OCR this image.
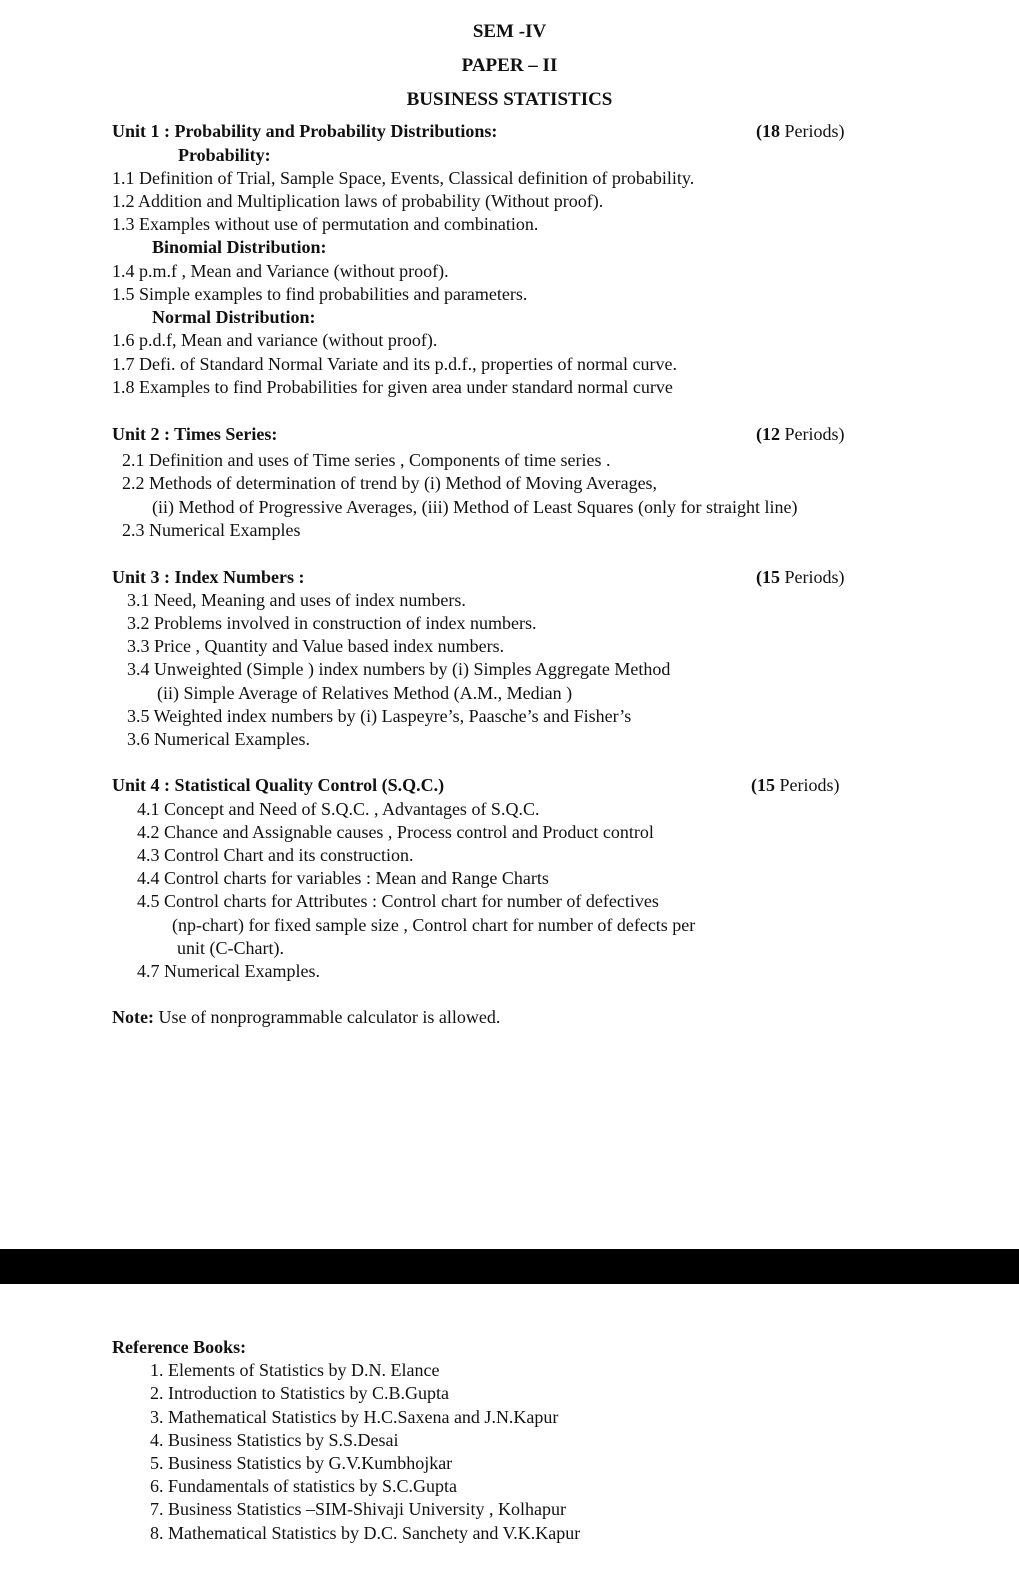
SEM -IV
PAPER – II
BUSINESS STATISTICS
Unit 1 : Probability and Probability Distributions:	(18 Periods)
Probability:
1.1 Definition of Trial, Sample Space, Events, Classical definition of probability.
1.2 Addition and Multiplication laws of probability (Without proof).
1.3 Examples without use of permutation and combination.
Binomial Distribution:
1.4 p.m.f , Mean and Variance (without proof).
1.5 Simple examples to find probabilities and parameters.
Normal Distribution:
1.6 p.d.f, Mean and variance (without proof).
1.7 Defi. of Standard Normal Variate and its p.d.f., properties of normal curve.
1.8 Examples to find Probabilities for given area under standard normal curve
Unit 2 : Times Series:	(12 Periods)
2.1 Definition and uses of Time series , Components of time series .
2.2 Methods of determination of trend by (i) Method of Moving Averages,
(ii) Method of Progressive Averages, (iii) Method of Least Squares (only for straight line)
2.3 Numerical Examples
Unit 3 : Index Numbers :	(15 Periods)
3.1 Need, Meaning and uses of index numbers.
3.2 Problems involved in construction of index numbers.
3.3 Price , Quantity and Value based index numbers.
3.4 Unweighted (Simple ) index numbers by (i) Simples Aggregate Method
(ii) Simple Average of Relatives Method (A.M., Median )
3.5 Weighted index numbers by (i) Laspeyre’s, Paasche’s and Fisher’s
3.6 Numerical Examples.
Unit 4 : Statistical Quality Control (S.Q.C.)	(15 Periods)
4.1 Concept and Need of S.Q.C. , Advantages of S.Q.C.
4.2 Chance and Assignable causes , Process control and Product control
4.3 Control Chart and its construction.
4.4 Control charts for variables : Mean and Range Charts
4.5 Control charts for Attributes : Control chart for number of defectives
(np-chart) for fixed sample size , Control chart for number of defects per
unit (C-Chart).
4.7 Numerical Examples.
Note: Use of nonprogrammable calculator is allowed.
Reference Books:
1. Elements of Statistics by D.N. Elance
2. Introduction to Statistics by C.B.Gupta
3. Mathematical Statistics by H.C.Saxena and J.N.Kapur
4. Business Statistics by S.S.Desai
5. Business Statistics by G.V.Kumbhojkar
6. Fundamentals of statistics by S.C.Gupta
7. Business Statistics –SIM-Shivaji University , Kolhapur
8. Mathematical Statistics by D.C. Sanchety and V.K.Kapur
